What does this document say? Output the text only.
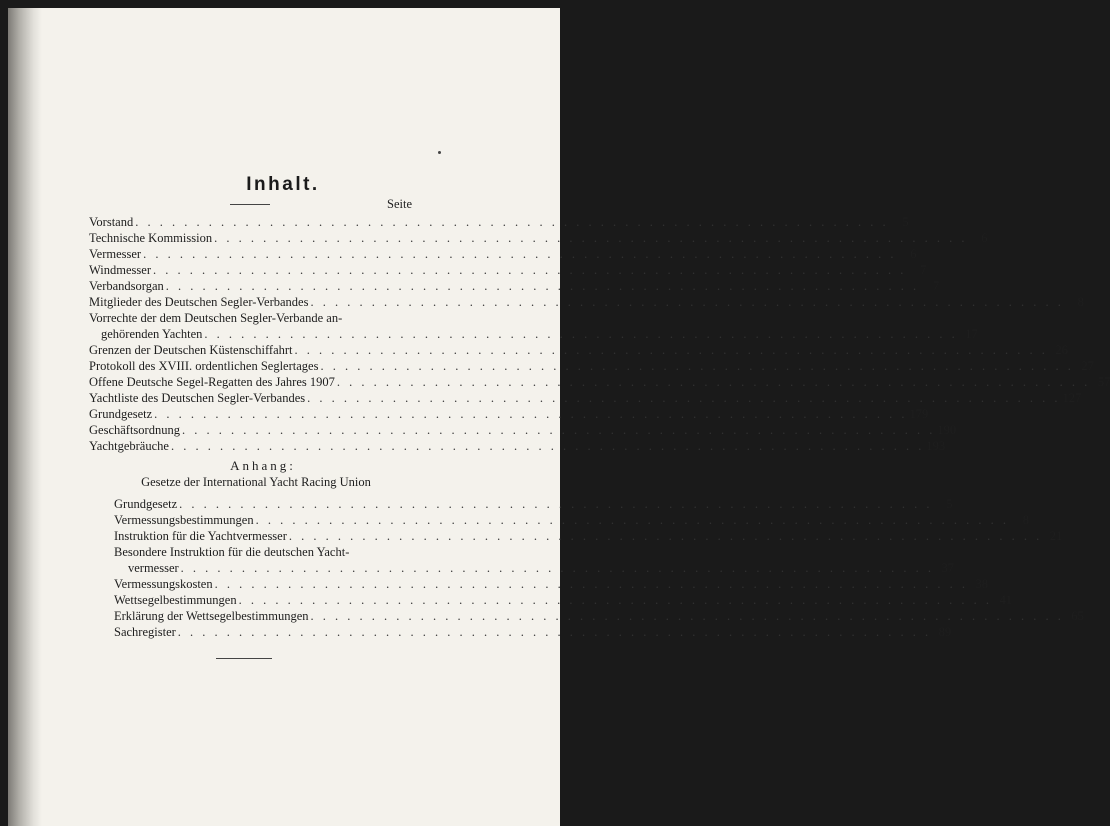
Inhalt.
Seite
Vorstand . . . . . . . . . . . . . . . . . . . . . . . . . . . . . . . . . . . . . . . . . . . . . . . . . . . . . . . . . . . . . .	5
Technische Kommission . . . . . . . . . . . . . . . . . . . . . . . . . . . . . . . . . . . . . . . . . . . . . . . . . . . . . . . . . . . . . .	6
Vermesser . . . . . . . . . . . . . . . . . . . . . . . . . . . . . . . . . . . . . . . . . . . . . . . . . . . . . . . . . . . . . .	6
Windmesser . . . . . . . . . . . . . . . . . . . . . . . . . . . . . . . . . . . . . . . . . . . . . . . . . . . . . . . . . . . . . .	7
Verbandsorgan . . . . . . . . . . . . . . . . . . . . . . . . . . . . . . . . . . . . . . . . . . . . . . . . . . . . . . . . . . . . . .	7
Mitglieder des Deutschen Segler-Verbandes . . . . . . . . . . . . . . . . . . . . . . . . . . . . . . . . . . . . . . . . . . . . . . . . . . . . . . . . . . . . . .	8
Vorrechte der dem Deutschen Segler-Verbande an-
gehörenden Yachten . . . . . . . . . . . . . . . . . . . . . . . . . . . . . . . . . . . . . . . . . . . . . . . . . . . . . . . . . . . . . . 17
Grenzen der Deutschen Küstenschiffahrt . . . . . . . . . . . . . . . . . . . . . . . . . . . . . . . . . . . . . . . . . . . . . . . . . . . . . . . . . . . . . . 26
Protokoll des XVIII. ordentlichen Seglertages . . . . . . . . . . . . . . . . . . . . . . . . . . . . . . . . . . . . . . . . . . . . . . . . . . . . . . . . . . . . . . 27
Offene Deutsche Segel-Regatten des Jahres 1907 . . . . . . . . . . . . . . . . . . . . . . . . . . . . . . . . . . . . . . . . . . . . . . . . . . . . . . . . . . . . . . 57
Yachtliste des Deutschen Segler-Verbandes . . . . . . . . . . . . . . . . . . . . . . . . . . . . . . . . . . . . . . . . . . . . . . . . . . . . . . . . . . . . . . 127
Grundgesetz . . . . . . . . . . . . . . . . . . . . . . . . . . . . . . . . . . . . . . . . . . . . . . . . . . . . . . . . . . . . . . 179
Geschäftsordnung . . . . . . . . . . . . . . . . . . . . . . . . . . . . . . . . . . . . . . . . . . . . . . . . . . . . . . . . . . . . . . 190
Yachtgebräuche . . . . . . . . . . . . . . . . . . . . . . . . . . . . . . . . . . . . . . . . . . . . . . . . . . . . . . . . . . . . . . 193
Anhang:
Gesetze der International Yacht Racing Union
Grundgesetz . . . . . . . . . . . . . . . . . . . . . . . . . . . . . . . . . . . . . . . . . . . . . . . . . . . . . . . . . . . . . .	5
Vermessungsbestimmungen . . . . . . . . . . . . . . . . . . . . . . . . . . . . . . . . . . . . . . . . . . . . . . . . . . . . . . . . . . . . . .	8
Instruktion für die Yachtvermesser . . . . . . . . . . . . . . . . . . . . . . . . . . . . . . . . . . . . . . . . . . . . . . . . . . . . . . . . . . . . . . 21
Besondere Instruktion für die deutschen Yacht-
vermesser . . . . . . . . . . . . . . . . . . . . . . . . . . . . . . . . . . . . . . . . . . . . . . . . . . . . . . . . . . . . . . 37
Vermessungskosten . . . . . . . . . . . . . . . . . . . . . . . . . . . . . . . . . . . . . . . . . . . . . . . . . . . . . . . . . . . . . . 38
Wettsegelbestimmungen . . . . . . . . . . . . . . . . . . . . . . . . . . . . . . . . . . . . . . . . . . . . . . . . . . . . . . . . . . . . . . 41
Erklärung der Wettsegelbestimmungen . . . . . . . . . . . . . . . . . . . . . . . . . . . . . . . . . . . . . . . . . . . . . . . . . . . . . . . . . . . . . . 65
Sachregister . . . . . . . . . . . . . . . . . . . . . . . . . . . . . . . . . . . . . . . . . . . . . . . . . . . . . . . . . . . . . . 89
